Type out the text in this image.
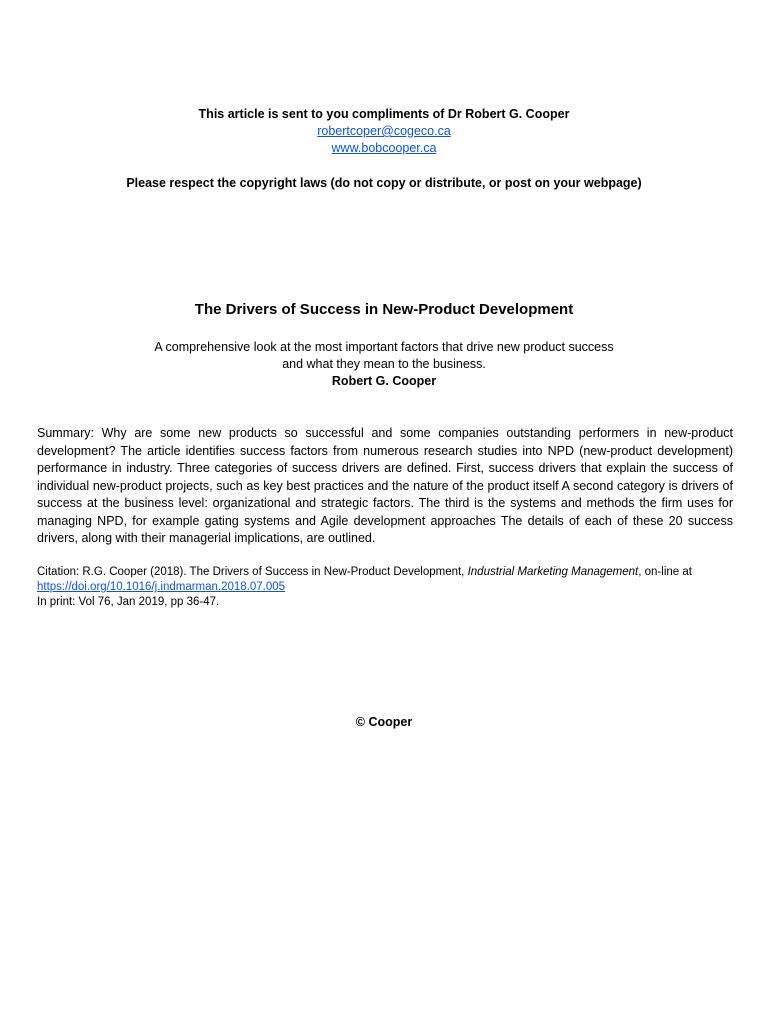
This article is sent to you compliments of Dr Robert G. Cooper
robertcoper@cogeco.ca
www.bobcooper.ca
Please respect the copyright laws (do not copy or distribute, or post on your webpage)
The Drivers of Success in New-Product Development
A comprehensive look at the most important factors that drive new product success
and what they mean to the business.
Robert G. Cooper
Summary: Why are some new products so successful and some companies outstanding performers in new-product development? The article identifies success factors from numerous research studies into NPD (new-product development) performance in industry. Three categories of success drivers are defined. First, success drivers that explain the success of individual new-product projects, such as key best practices and the nature of the product itself A second category is drivers of success at the business level: organizational and strategic factors. The third is the systems and methods the firm uses for managing NPD, for example gating systems and Agile development approaches The details of each of these 20 success drivers, along with their managerial implications, are outlined.
Citation: R.G. Cooper (2018). The Drivers of Success in New-Product Development, Industrial Marketing Management, on-line at
https://doi.org/10.1016/j.indmarman.2018.07.005
In print: Vol 76, Jan 2019, pp 36-47.
© Cooper
